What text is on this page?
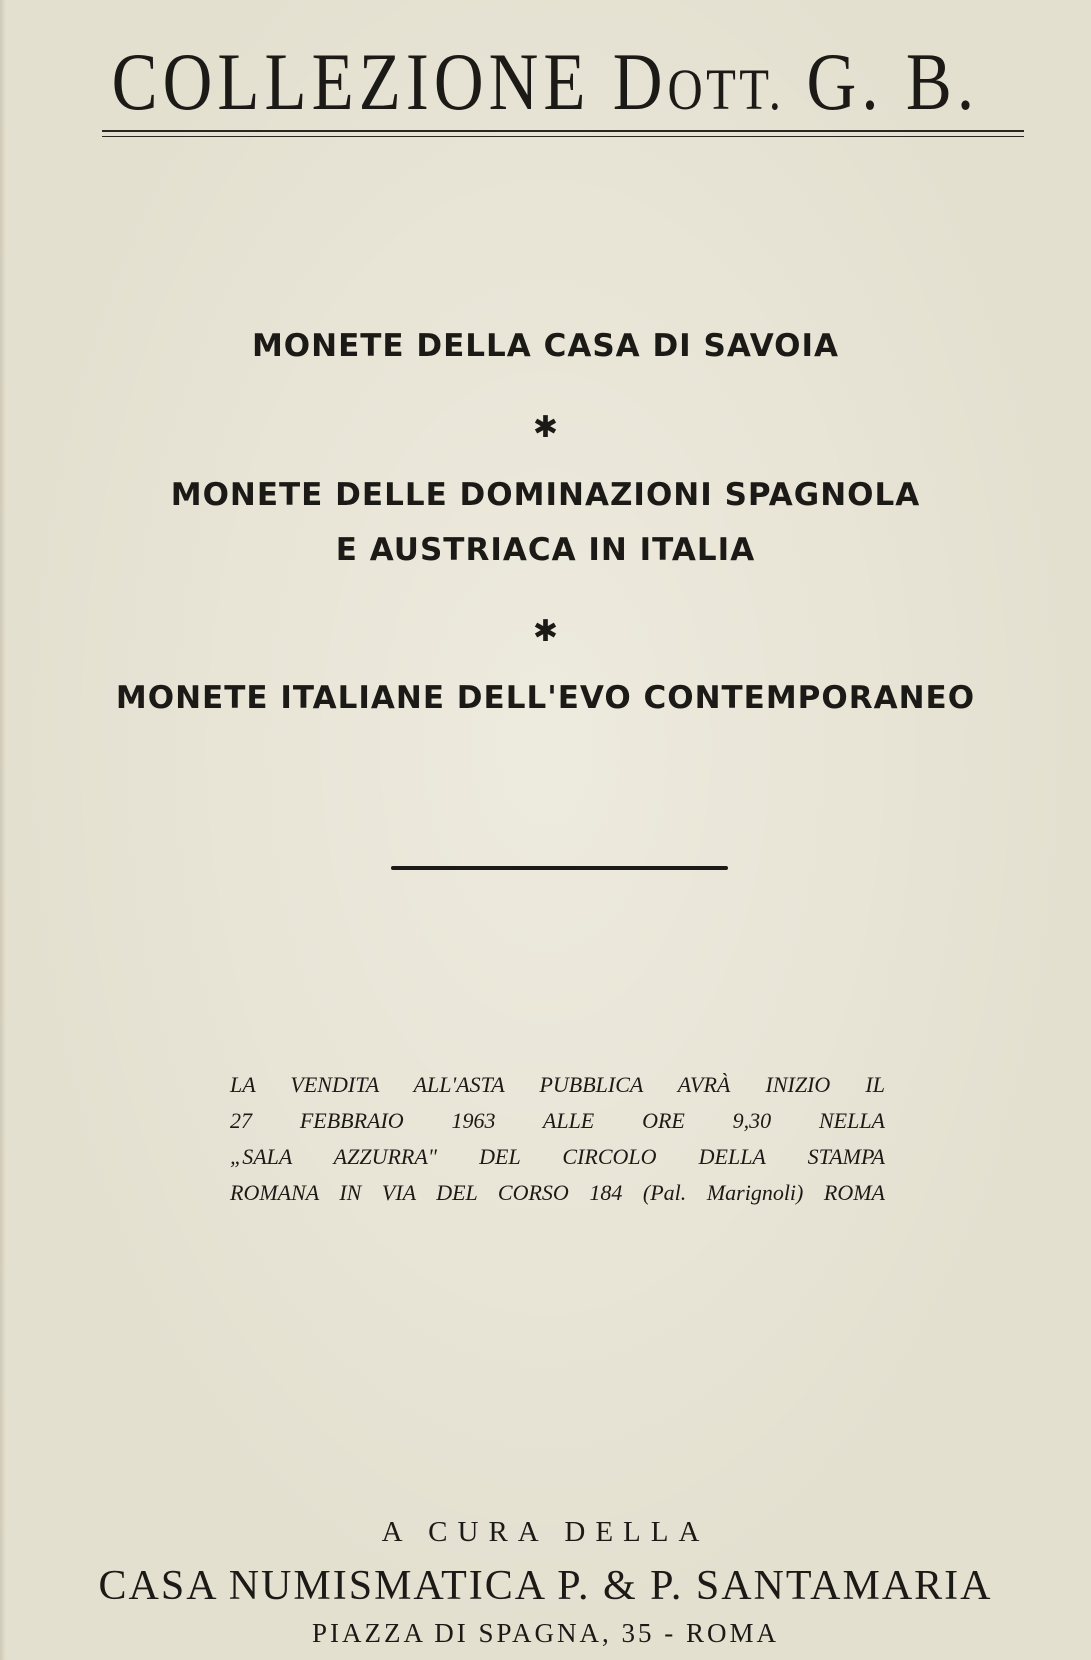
COLLEZIONE DOTT. G. B.
MONETE DELLA CASA DI SAVOIA
✱
MONETE DELLE DOMINAZIONI SPAGNOLA
E AUSTRIACA IN ITALIA
✱
MONETE ITALIANE DELL'EVO CONTEMPORANEO
LA VENDITA ALL'ASTA PUBBLICA AVRÀ INIZIO IL
27 FEBBRAIO 1963 ALLE ORE 9,30 NELLA
„SALA AZZURRA" DEL CIRCOLO DELLA STAMPA
ROMANA IN VIA DEL CORSO 184 (Pal. Marignoli) ROMA
A CURA DELLA
CASA NUMISMATICA P. & P. SANTAMARIA
PIAZZA DI SPAGNA, 35 - ROMA
